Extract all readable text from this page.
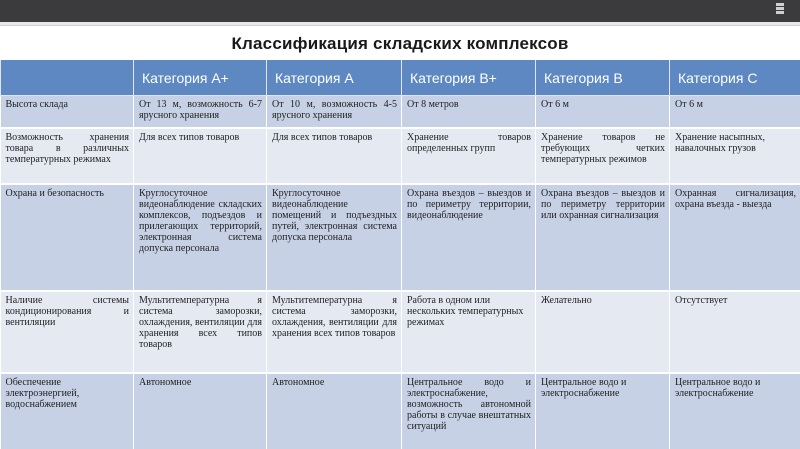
Классификация складских комплексов
	Категория А+	Категория А	Категория В+	Категория В	Категория С
Высота склада	От 13 м, возможность 6-7 ярусного хранения	От 10 м, возможность 4-5 ярусного хранения	От 8 метров	От 6 м	От 6 м
Возможность хранения товара в различных температурных режимах	Для всех типов товаров	Для всех типов товаров	Хранение товаров определенных групп	Хранение товаров не требующих четких температурных режимов	Хранение насыпных, навалочных грузов
Охрана и безопасность	Круглосуточное видеонаблюдение складских комплексов, подъездов и прилегающих территорий, электронная система допуска персонала	Круглосуточное видеонаблюдение помещений и подъездных путей, электронная система допуска персонала	Охрана въездов – выездов и по периметру территории, видеонаблюдение	Охрана въездов – выездов и по периметру территории или охранная сигнализация	Охранная сигнализация, охрана въезда - выезда
Наличие системы кондиционирования и вентиляции	Мультитемпературна я система заморозки, охлаждения, вентиляции для хранения всех типов товаров	Мультитемпературна я система заморозки, охлаждения, вентиляции для хранения всех типов товаров	Работа в одном или нескольких температурных режимах	Желательно	Отсутствует
Обеспечение электроэнергией, водоснабжением	Автономное	Автономное	Центральное водо и электроснабжение, возможность автономной работы в случае внештатных ситуаций	Центральное водо и электроснабжение	Центральное водо и электроснабжение
